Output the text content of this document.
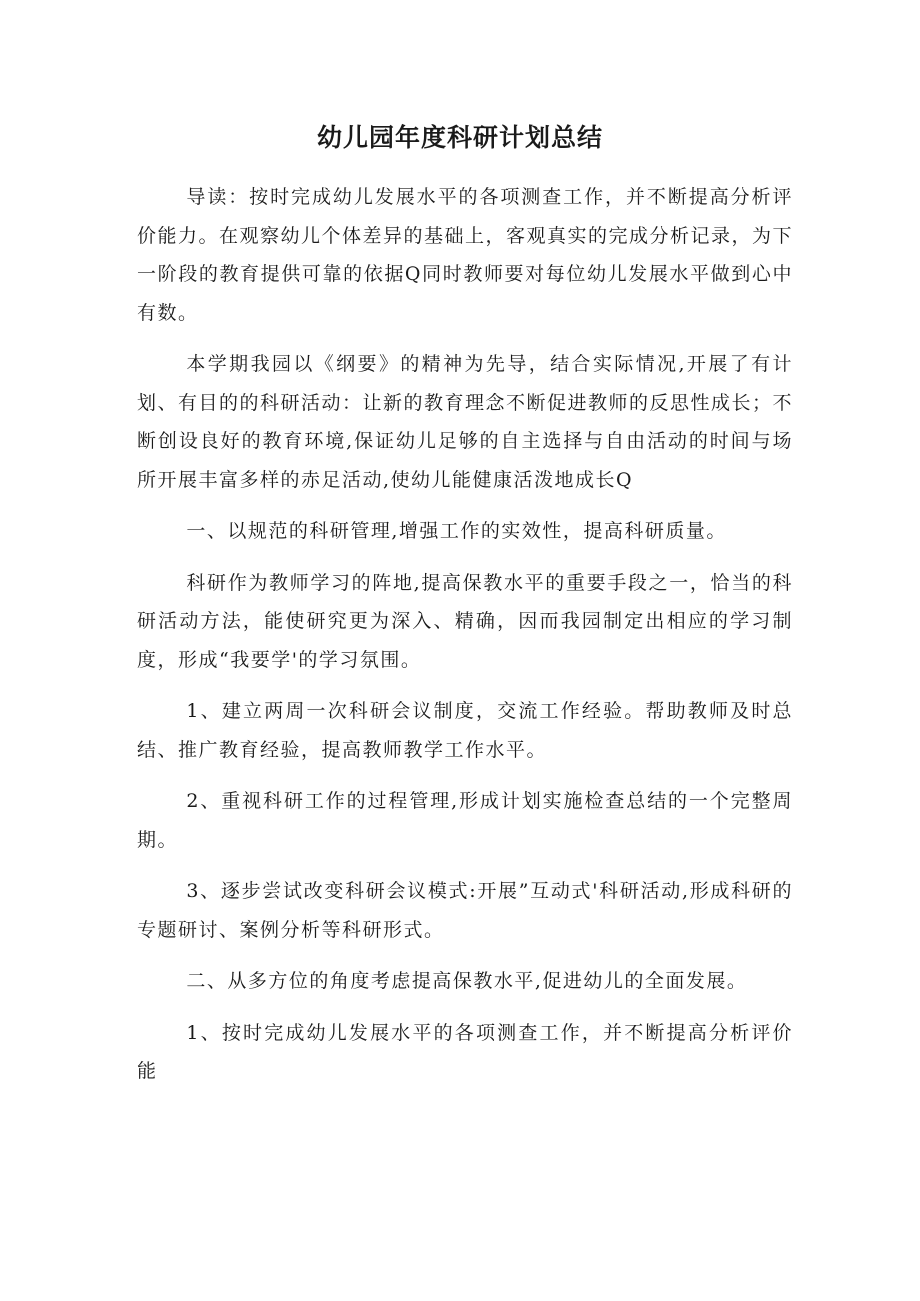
幼儿园年度科研计划总结

导读：按时完成幼儿发展水平的各项测查工作，并不断提高分析评价能力。在观察幼儿个体差异的基础上，客观真实的完成分析记录，为下一阶段的教育提供可靠的依据Q同时教师要对每位幼儿发展水平做到心中有数。

本学期我园以《纲要》的精神为先导，结合实际情况,开展了有计划、有目的的科研活动：让新的教育理念不断促进教师的反思性成长；不断创设良好的教育环境,保证幼儿足够的自主选择与自由活动的时间与场所开展丰富多样的赤足活动,使幼儿能健康活泼地成长Q

一、以规范的科研管理,增强工作的实效性，提高科研质量。

科研作为教师学习的阵地,提高保教水平的重要手段之一，恰当的科研活动方法，能使研究更为深入、精确，因而我园制定出相应的学习制度，形成“我要学'的学习氛围。

1、建立两周一次科研会议制度，交流工作经验。帮助教师及时总结、推广教育经验，提高教师教学工作水平。

2、重视科研工作的过程管理,形成计划实施检查总结的一个完整周期。

3、逐步尝试改变科研会议模式:开展”互动式'科研活动,形成科研的专题研讨、案例分析等科研形式。

二、从多方位的角度考虑提高保教水平,促进幼儿的全面发展。

1、按时完成幼儿发展水平的各项测查工作，并不断提高分析评价能
